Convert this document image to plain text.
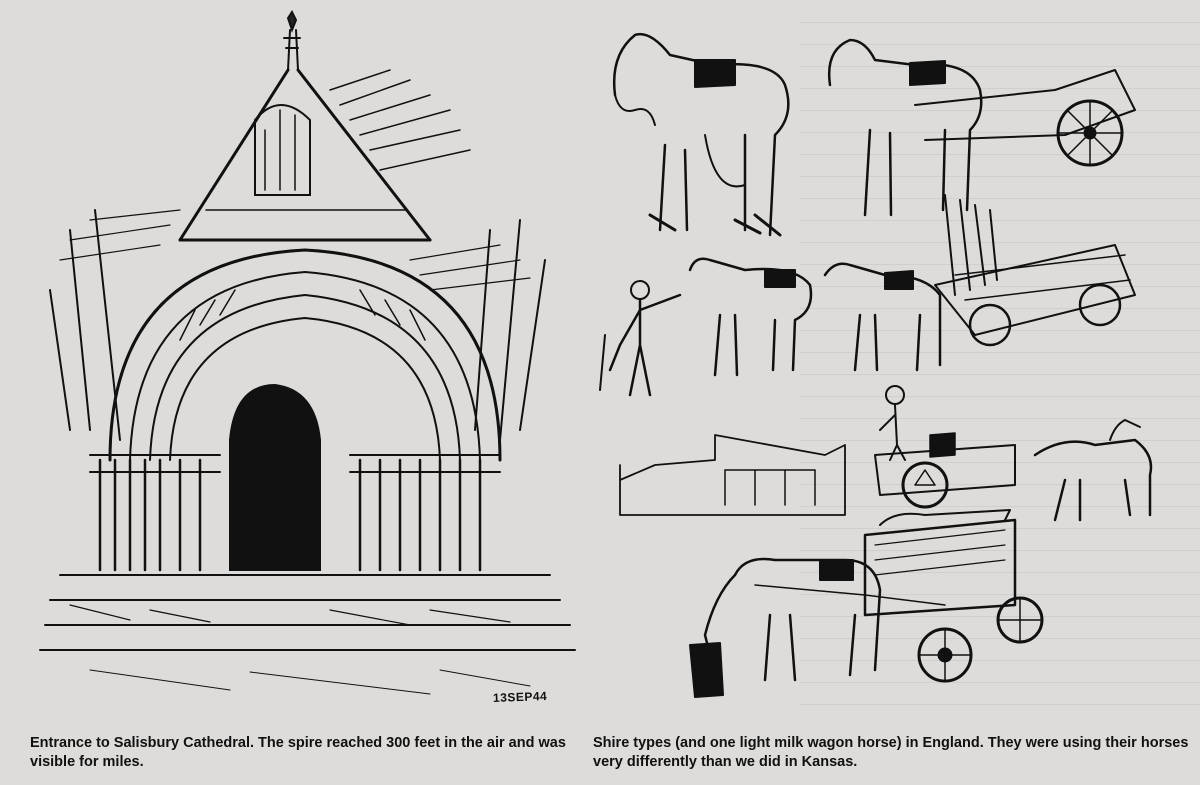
13SEP44
Entrance to Salisbury Cathedral. The spire reached 300 feet in the air and was visible for miles.
Shire types (and one light milk wagon horse) in England. They were using their horses very differently than we did in Kansas.
